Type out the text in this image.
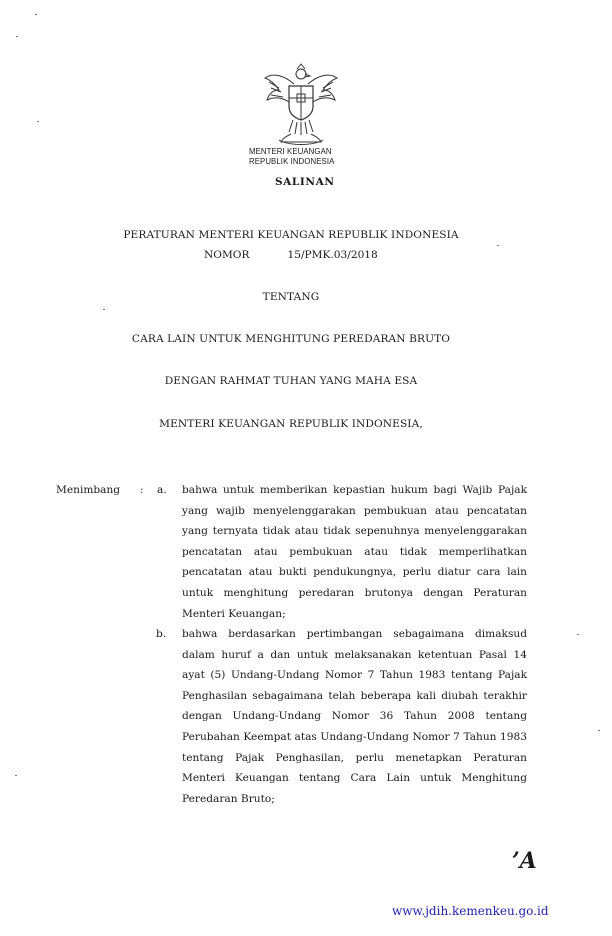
MENTERI KEUANGAN
REPUBLIK INDONESIA
SALINAN
PERATURAN MENTERI KEUANGAN REPUBLIK INDONESIA
NOMOR	15/PMK.03/2018
TENTANG
CARA LAIN UNTUK MENGHITUNG PEREDARAN BRUTO
DENGAN RAHMAT TUHAN YANG MAHA ESA
MENTERI KEUANGAN REPUBLIK INDONESIA,
Menimbang : a. bahwa untuk memberikan kepastian hukum bagi Wajib Pajak yang wajib menyelenggarakan pembukuan atau pencatatan yang ternyata tidak atau tidak sepenuhnya menyelenggarakan pencatatan atau pembukuan atau tidak memperlihatkan pencatatan atau bukti pendukungnya, perlu diatur cara lain untuk menghitung peredaran brutonya dengan Peraturan Menteri Keuangan;
b. bahwa berdasarkan pertimbangan sebagaimana dimaksud dalam huruf a dan untuk melaksanakan ketentuan Pasal 14 ayat (5) Undang-Undang Nomor 7 Tahun 1983 tentang Pajak Penghasilan sebagaimana telah beberapa kali diubah terakhir dengan Undang-Undang Nomor 36 Tahun 2008 tentang Perubahan Keempat atas Undang-Undang Nomor 7 Tahun 1983 tentang Pajak Penghasilan, perlu menetapkan Peraturan Menteri Keuangan tentang Cara Lain untuk Menghitung Peredaran Bruto;
’A
www.jdih.kemenkeu.go.id
